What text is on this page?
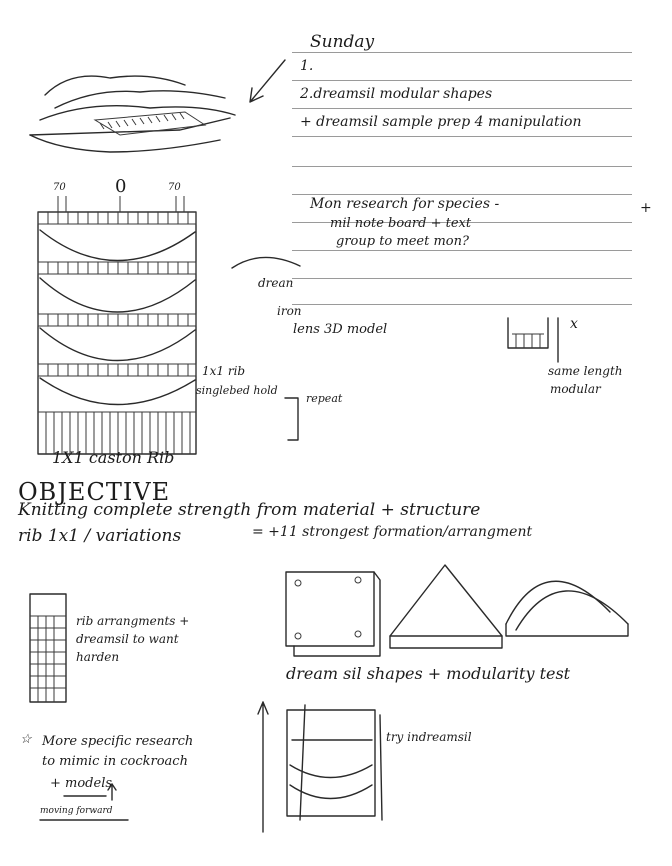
Sunday
1.
2.dreamsil modular shapes
+ dreamsil sample prep 4 manipulation
+
Mon research for species -
mil note board + text
group to meet mon?
70	0	70
1x1 rib
singlebed hold
repeat
1X1 caston Rib
drean
iron
lens 3D model	x
same length
modular
OBJECTIVE
Knitting complete strength from material + structure
rib 1x1 / variations	= +11 strongest formation/arrangment
rib arrangments +
dreamsil to want
harden
☆ More specific research
to mimic in cockroach
+ models
moving forward
dream sil shapes + modularity test
try indreamsil
